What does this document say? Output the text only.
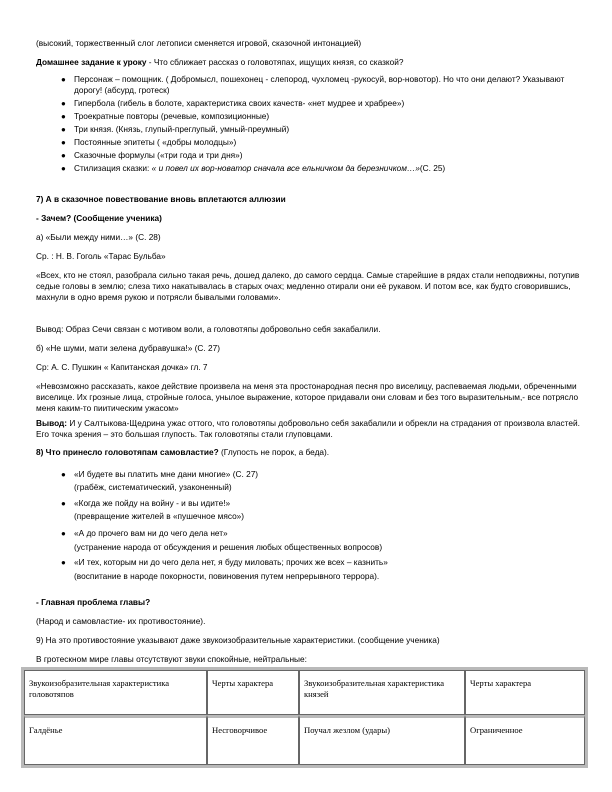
(высокий, торжественный слог летописи сменяется игровой, сказочной интонацией)

Домашнее задание к уроку - Что сближает рассказ о головотяпах, ищущих князя, со сказкой?

● Персонаж – помощник. ( Добромысл, пошехонец - слепород, чухломец -рукосуй, вор-новотор). Но что они делают? Указывают дорогу! (абсурд, гротеск)
● Гипербола (гибель в болоте, характеристика своих качеств- «нет мудрее и храбрее»)
● Троекратные повторы (речевые, композиционные)
● Три князя. (Князь, глупый-преглупый, умный-преумный)
● Постоянные эпитеты ( «добры молодцы»)
● Сказочные формулы («три года и три дня»)
● Стилизация сказки: « и повел их вор-новатор сначала все ельничком да березничком…»(С. 25)

7) А в сказочное повествование вновь вплетаются аллюзии

- Зачем? (Сообщение ученика)

а) «Были между ними…» (С. 28)

Ср. : Н. В. Гоголь «Тарас Бульба»

«Всех, кто не стоял, разобрала сильно такая речь, дошед далеко, до самого сердца. Самые старейшие в рядах стали неподвижны, потупив седые головы в землю; слеза тихо накатывалась в старых очах; медленно отирали они её рукавом. И потом все, как будто сговорившись, махнули в одно время рукою и потрясли бывалыми головами».

Вывод: Образ Сечи связан с мотивом воли, а головотяпы добровольно себя закабалили.

б) «Не шуми, мати зелена дубравушка!» (С. 27)

Ср: А. С. Пушкин « Капитанская дочка» гл. 7

«Невозможно рассказать, какое действие произвела на меня эта простонародная песня про виселицу, распеваемая людьми, обреченными виселице. Их грозные лица, стройные голоса, унылое выражение, которое придавали они словам и без того выразительным,- все потрясло меня каким-то пиитическим ужасом»

Вывод: И у Салтыкова-Щедрина ужас оттого, что головотяпы добровольно себя закабалили и обрекли на страдания от произвола властей. Его точка зрения – это большая глупость. Так головотяпы стали глуповцами.

8) Что принесло головотяпам самовластие? (Глупость не порок, а беда).

● «И будете вы платить мне дани многие» (С. 27)
(грабёж, систематический, узаконенный)
● «Когда же пойду на войну - и вы идите!»
(превращение жителей в «пушечное мясо»)
● «А до прочего вам ни до чего дела нет»
(устранение народа от обсуждения и решения любых общественных вопросов)
● «И тех, которым ни до чего дела нет, я буду миловать; прочих же всех – казнить»
(воспитание в народе покорности, повиновения путем непрерывного террора).

- Главная проблема главы?

(Народ и самовластие- их противостояние).

9) На это противостояние указывают даже звукоизобразительные характеристики. (сообщение ученика)

В гротескном мире главы отсутствуют звуки спокойные, нейтральные:

Звукоизобразительная характеристика головотяпов	Черты характера	Звукоизобразительная характеристика князей	Черты характера
Галдёнье	Несговорчивое	Поучал жезлом (удары)	Ограниченное
